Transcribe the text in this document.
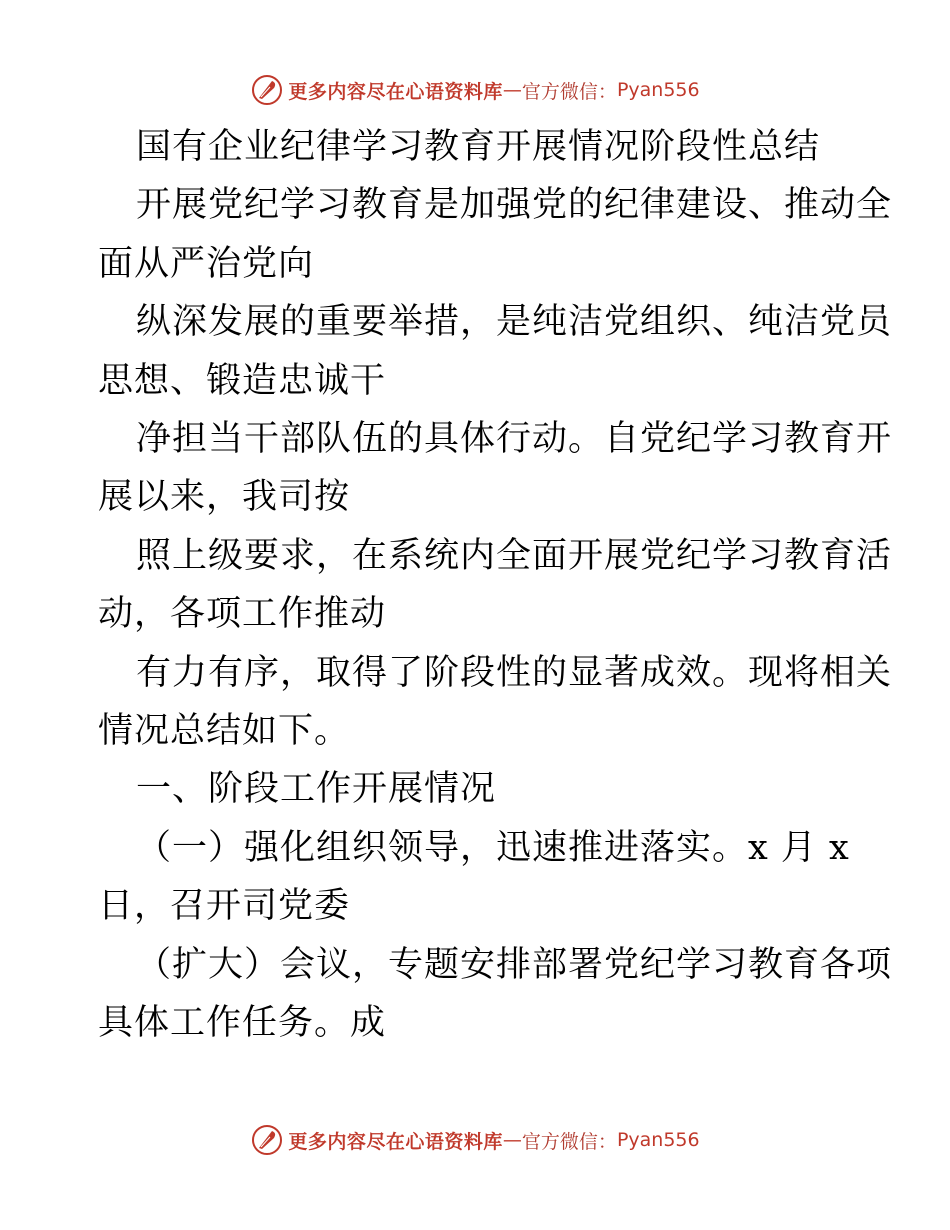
更多内容尽在心语资料库 — 官方微信： Pyan556
国有企业纪律学习教育开展情况阶段性总结
开展党纪学习教育是加强党的纪律建设、推动全
面从严治党向
纵深发展的重要举措，是纯洁党组织、纯洁党员
思想、锻造忠诚干
净担当干部队伍的具体行动。自党纪学习教育开
展以来，我司按
照上级要求，在系统内全面开展党纪学习教育活
动，各项工作推动
有力有序，取得了阶段性的显著成效。现将相关
情况总结如下。
一、阶段工作开展情况
（一）强化组织领导，迅速推进落实。x 月 x
日，召开司党委
（扩大）会议，专题安排部署党纪学习教育各项
具体工作任务。成
更多内容尽在心语资料库 — 官方微信： Pyan556
